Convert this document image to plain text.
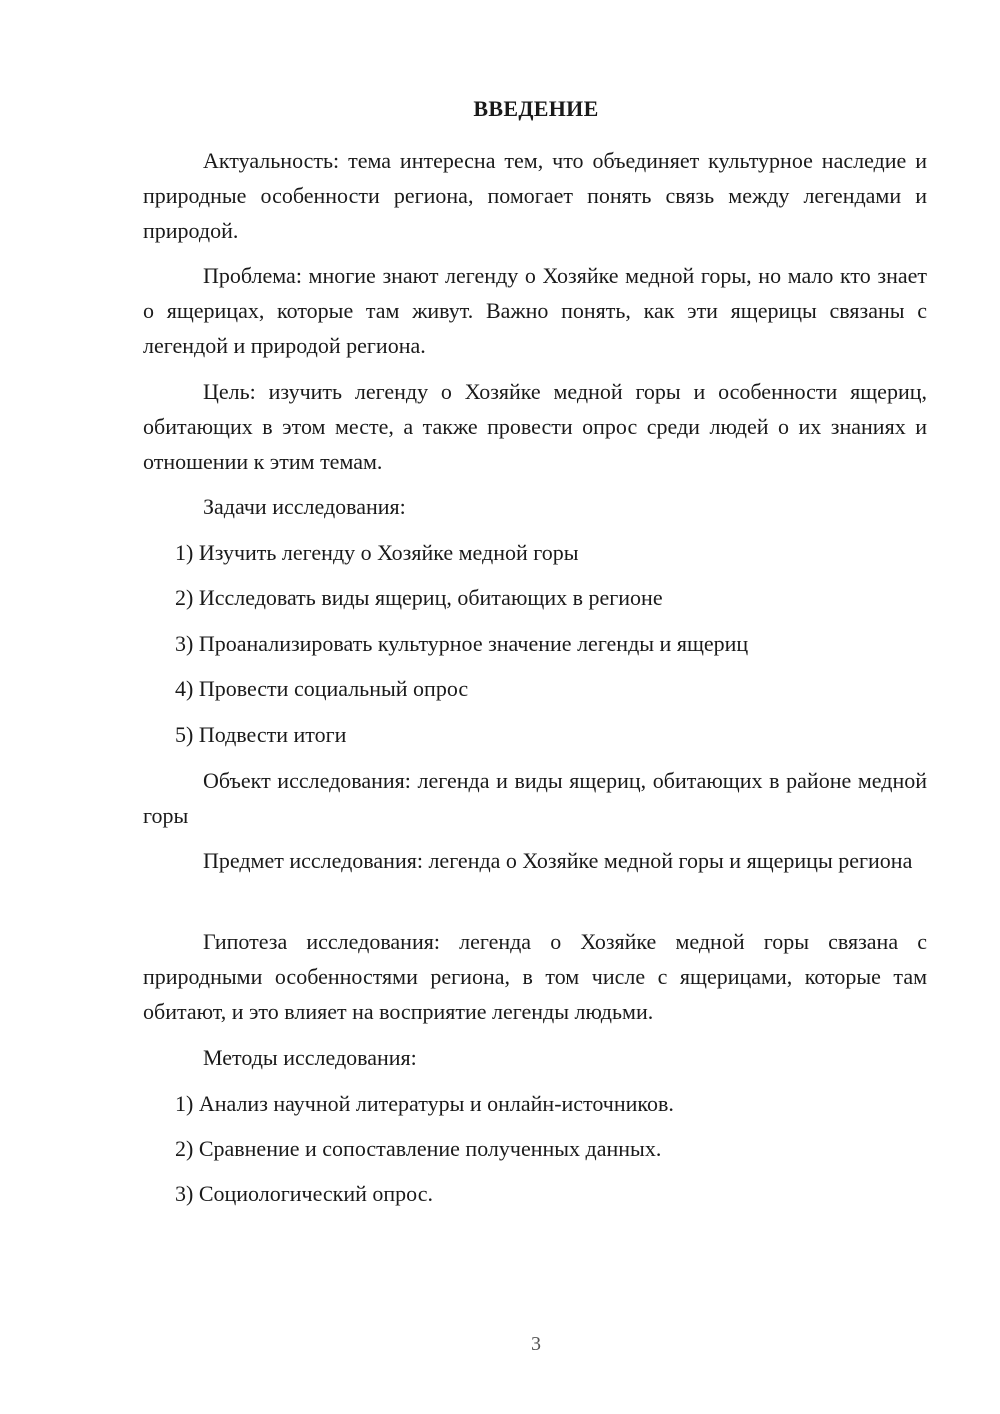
ВВЕДЕНИЕ

Актуальность: тема интересна тем, что объединяет культурное наследие и природные особенности региона, помогает понять связь между легендами и природой.

Проблема: многие знают легенду о Хозяйке медной горы, но мало кто знает о ящерицах, которые там живут. Важно понять, как эти ящерицы связаны с легендой и природой региона.

Цель: изучить легенду о Хозяйке медной горы и особенности ящериц, обитающих в этом месте, а также провести опрос среди людей о их знаниях и отношении к этим темам.

Задачи исследования:

1) Изучить легенду о Хозяйке медной горы

2) Исследовать виды ящериц, обитающих в регионе

3) Проанализировать культурное значение легенды и ящериц

4) Провести социальный опрос

5) Подвести итоги

Объект исследования: легенда и виды ящериц, обитающих в районе медной горы

Предмет исследования: легенда о Хозяйке медной горы и ящерицы региона

Гипотеза исследования: легенда о Хозяйке медной горы связана с природными особенностями региона, в том числе с ящерицами, которые там обитают, и это влияет на восприятие легенды людьми.

Методы исследования:

1) Анализ научной литературы и онлайн-источников.

2) Сравнение и сопоставление полученных данных.

3) Социологический опрос.

3
